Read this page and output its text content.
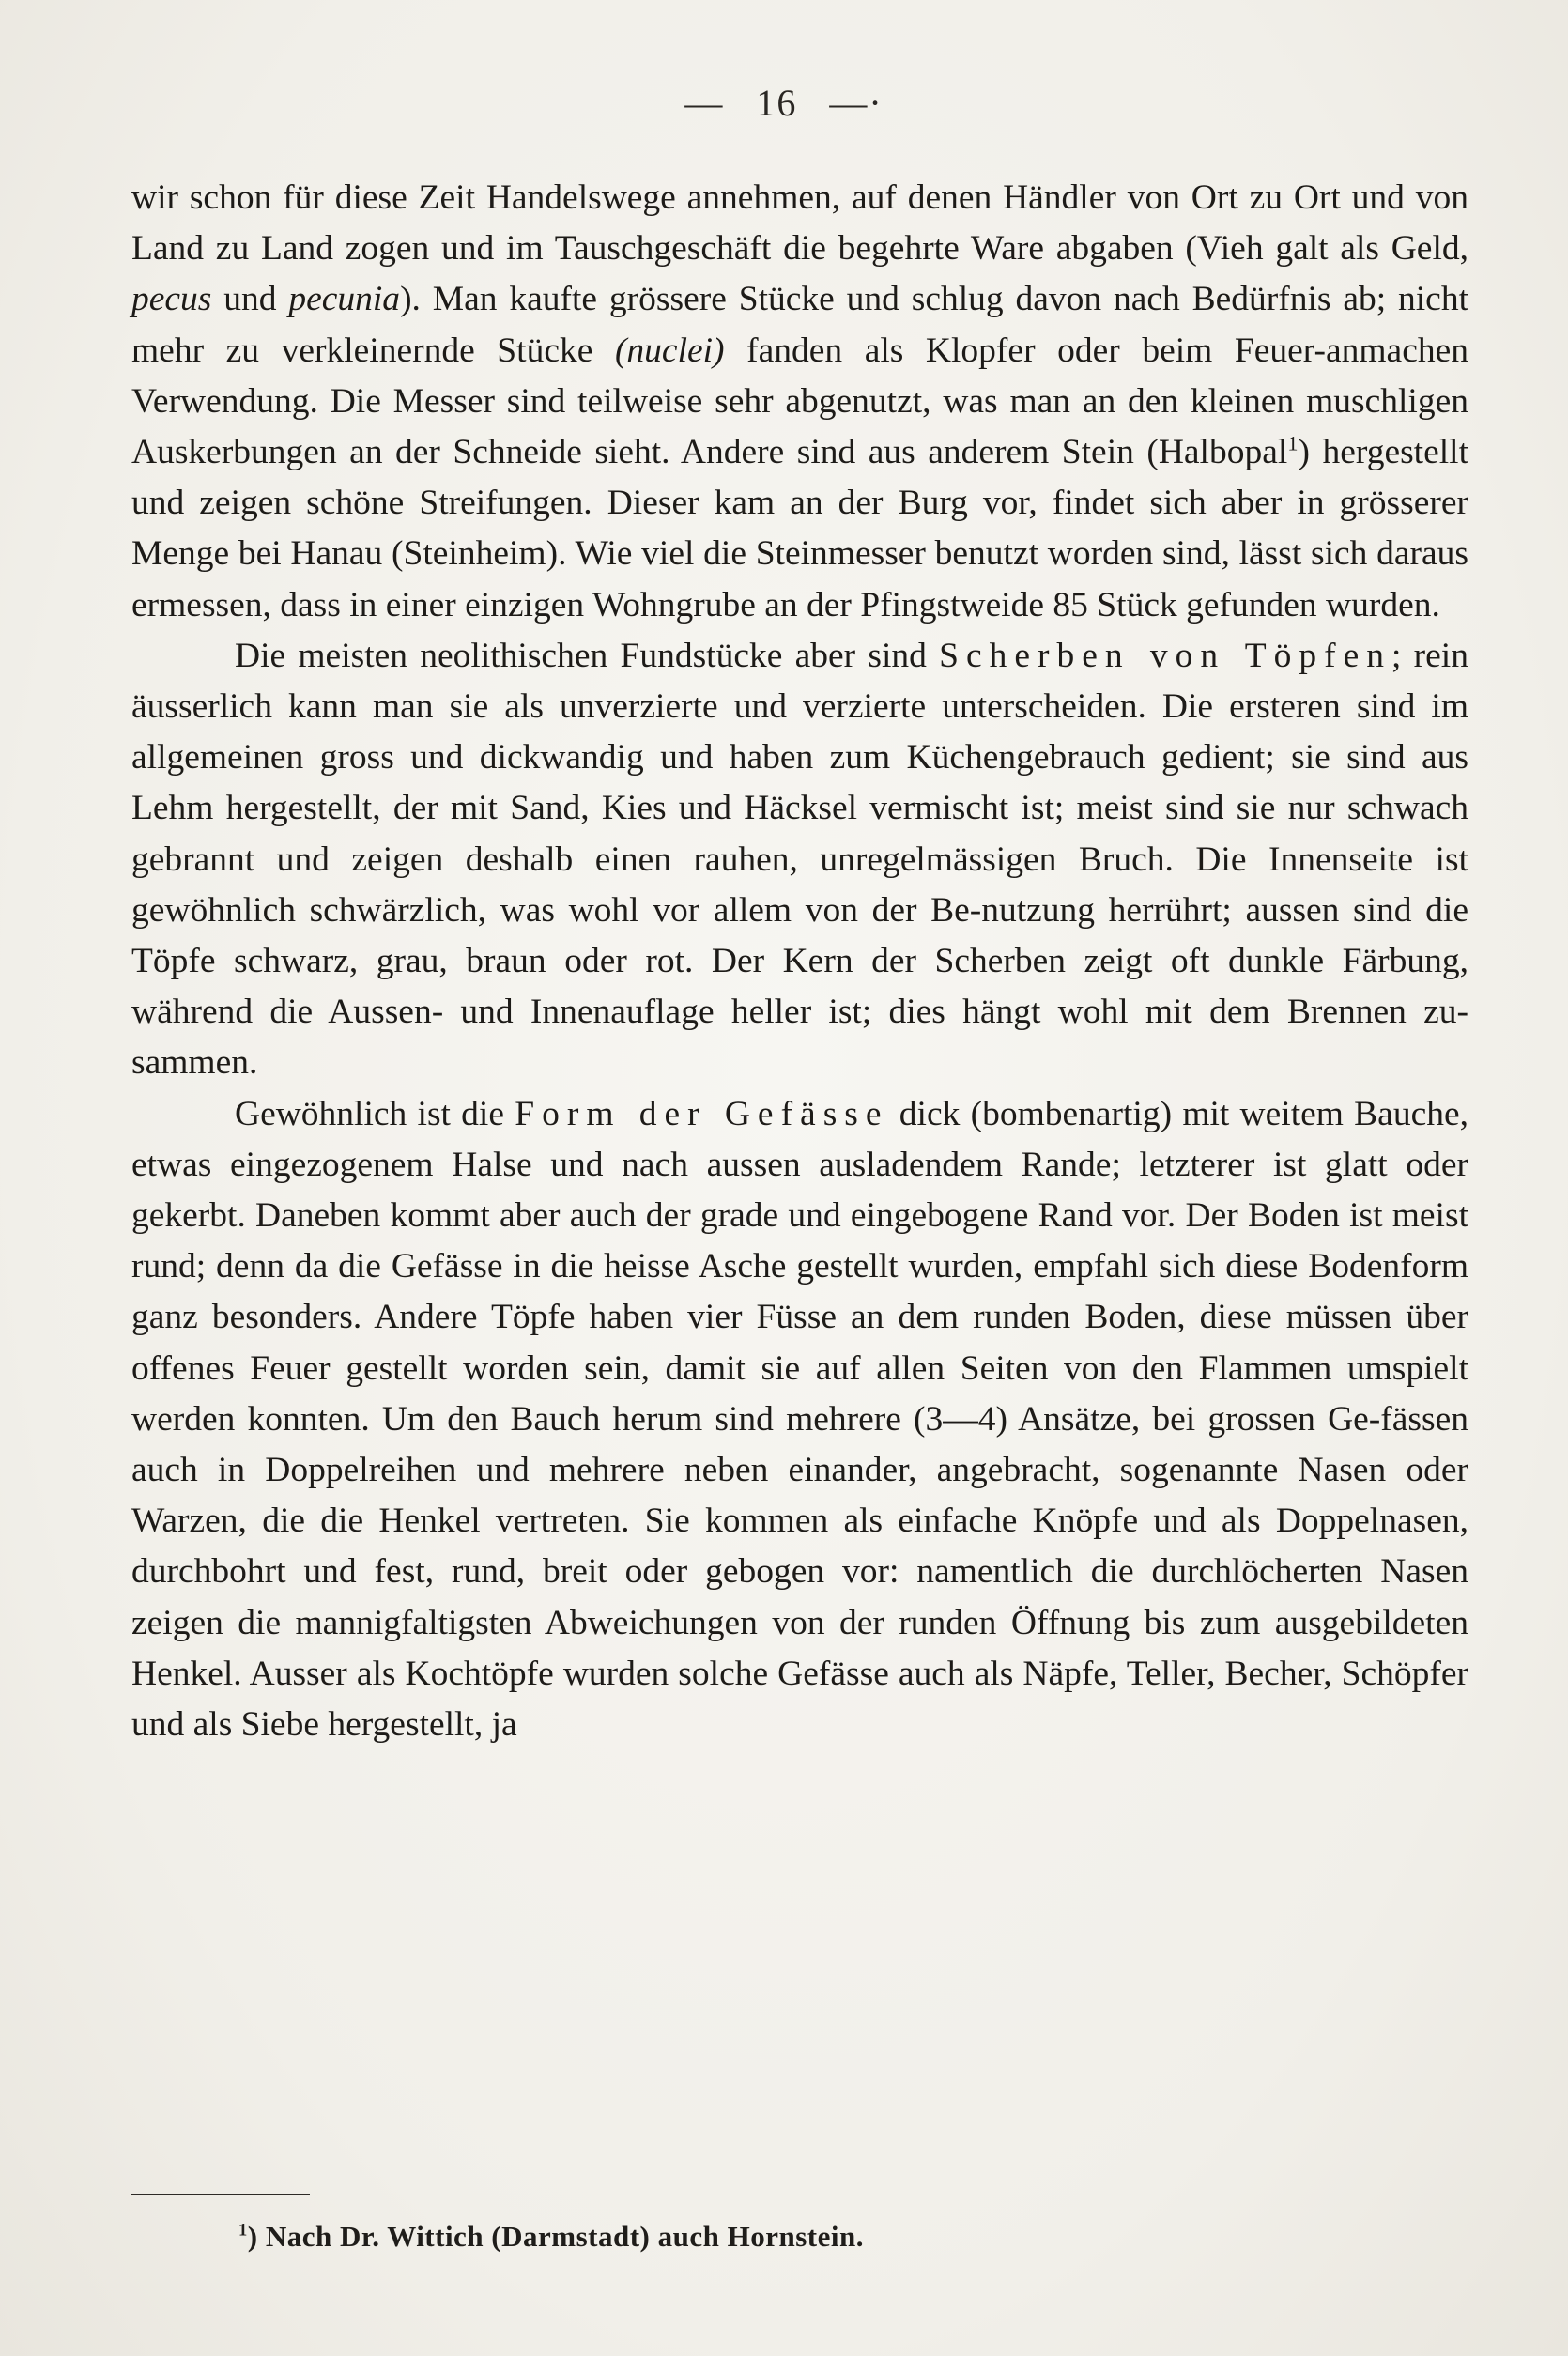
— 16 —·

wir schon für diese Zeit Handelswege annehmen, auf denen Händler von Ort zu Ort und von Land zu Land zogen und im Tauschgeschäft die begehrte Ware abgaben (Vieh galt als Geld, pecus und pecunia). Man kaufte grössere Stücke und schlug davon nach Bedürfnis ab; nicht mehr zu verkleinernde Stücke (nuclei) fanden als Klopfer oder beim Feuer-anmachen Verwendung. Die Messer sind teilweise sehr abgenutzt, was man an den kleinen muschligen Auskerbungen an der Schneide sieht. Andere sind aus anderem Stein (Halbopal$^1$) hergestellt und zeigen schöne Streifungen. Dieser kam an der Burg vor, findet sich aber in grösserer Menge bei Hanau (Steinheim). Wie viel die Steinmesser benutzt worden sind, lässt sich daraus ermessen, dass in einer einzigen Wohngrube an der Pfingstweide 85 Stück gefunden wurden.

Die meisten neolithischen Fundstücke aber sind Scherben von Töpfen; rein äusserlich kann man sie als unverzierte und verzierte unterscheiden. Die ersteren sind im allgemeinen gross und dickwandig und haben zum Küchengebrauch gedient; sie sind aus Lehm hergestellt, der mit Sand, Kies und Häcksel vermischt ist; meist sind sie nur schwach gebrannt und zeigen deshalb einen rauhen, unregelmässigen Bruch. Die Innenseite ist gewöhnlich schwärzlich, was wohl vor allem von der Be-nutzung herrührt; aussen sind die Töpfe schwarz, grau, braun oder rot. Der Kern der Scherben zeigt oft dunkle Färbung, während die Aussen- und Innenauflage heller ist; dies hängt wohl mit dem Brennen zu-sammen.

Gewöhnlich ist die Form der Gefässe dick (bombenartig) mit weitem Bauche, etwas eingezogenem Halse und nach aussen ausladendem Rande; letzterer ist glatt oder gekerbt. Daneben kommt aber auch der grade und eingebogene Rand vor. Der Boden ist meist rund; denn da die Gefässe in die heisse Asche gestellt wurden, empfahl sich diese Bodenform ganz besonders. Andere Töpfe haben vier Füsse an dem runden Boden, diese müssen über offenes Feuer gestellt worden sein, damit sie auf allen Seiten von den Flammen umspielt werden konnten. Um den Bauch herum sind mehrere (3—4) Ansätze, bei grossen Ge-fässen auch in Doppelreihen und mehrere neben einander, angebracht, sogenannte Nasen oder Warzen, die die Henkel vertreten. Sie kommen als einfache Knöpfe und als Doppelnasen, durchbohrt und fest, rund, breit oder gebogen vor: namentlich die durchlöcherten Nasen zeigen die mannigfaltigsten Abweichungen von der runden Öffnung bis zum ausgebildeten Henkel. Ausser als Kochtöpfe wurden solche Gefässe auch als Näpfe, Teller, Becher, Schöpfer und als Siebe hergestellt, ja

$^1$) Nach Dr. Wittich (Darmstadt) auch Hornstein.
